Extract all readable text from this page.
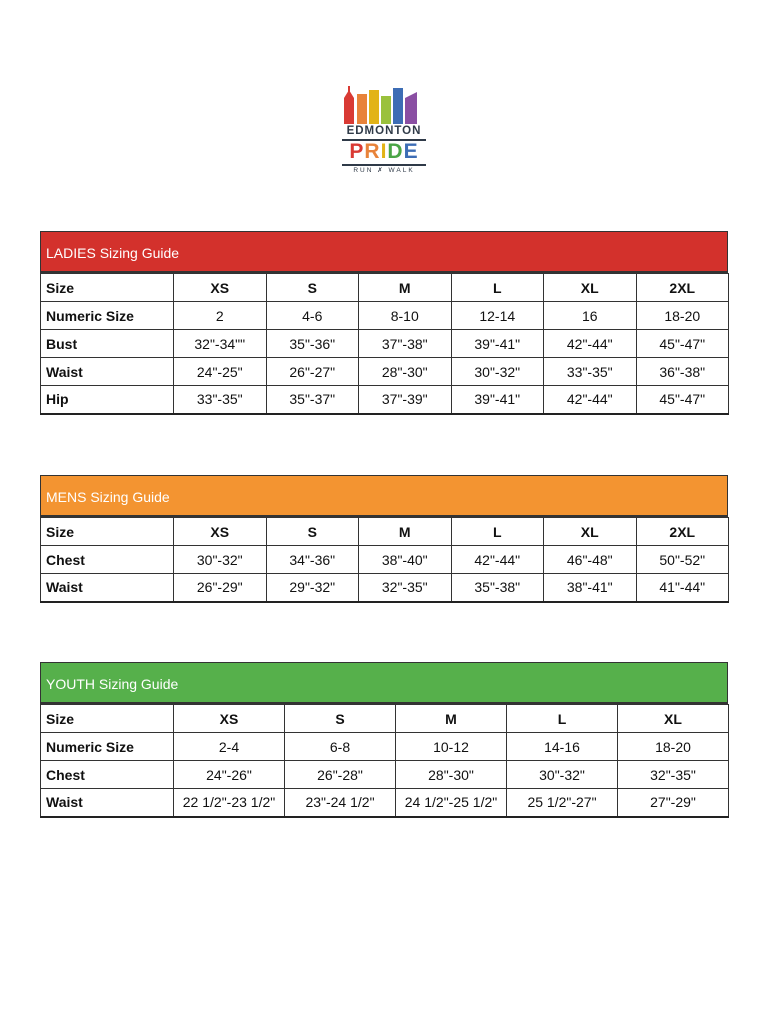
EDMONTON
PRIDE
RUN ✗ WALK
LADIES Sizing Guide
Size	XS	S	M	L	XL	2XL
Numeric Size	2	4-6	8-10	12-14	16	18-20
Bust	32"-34""	35"-36"	37"-38"	39"-41"	42"-44"	45"-47"
Waist	24"-25"	26"-27"	28"-30"	30"-32"	33"-35"	36"-38"
Hip	33"-35"	35"-37"	37"-39"	39"-41"	42"-44"	45"-47"
MENS Sizing Guide
Size	XS	S	M	L	XL	2XL
Chest	30"-32"	34"-36"	38"-40"	42"-44"	46"-48"	50"-52"
Waist	26"-29"	29"-32"	32"-35"	35"-38"	38"-41"	41"-44"
YOUTH Sizing Guide
Size	XS	S	M	L	XL
Numeric Size	2-4	6-8	10-12	14-16	18-20
Chest	24"-26"	26"-28"	28"-30"	30"-32"	32"-35"
Waist	22 1/2"-23 1/2"	23"-24 1/2"	24 1/2"-25 1/2"	25 1/2"-27"	27"-29"
